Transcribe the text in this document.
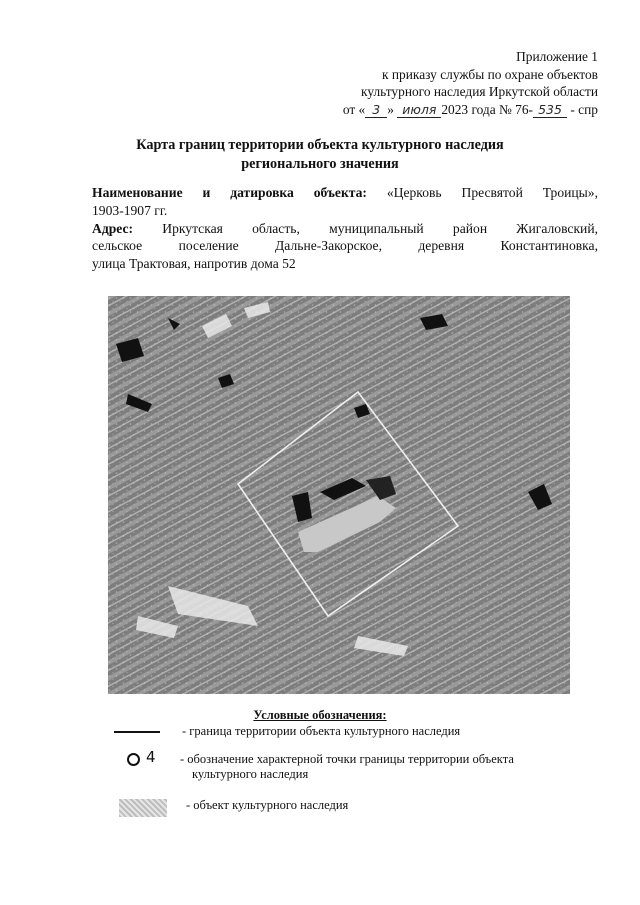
Приложение 1
к приказу службы по охране объектов
культурного наследия Иркутской области
от « 3 » июля 2023 года № 76- 535 - спр
Карта границ территории объекта культурного наследия
регионального значения
Наименование и датировка объекта: «Церковь Пресвятой Троицы»,
1903-1907 гг.
Адрес: Иркутская область, муниципальный район Жигаловский,
сельское поселение Дальне-Закорское, деревня Константиновка,
улица Трактовая, напротив дома 52
Условные обозначения:
- граница территории объекта культурного наследия
4 - обозначение характерной точки границы территории объекта
культурного наследия
- объект культурного наследия
